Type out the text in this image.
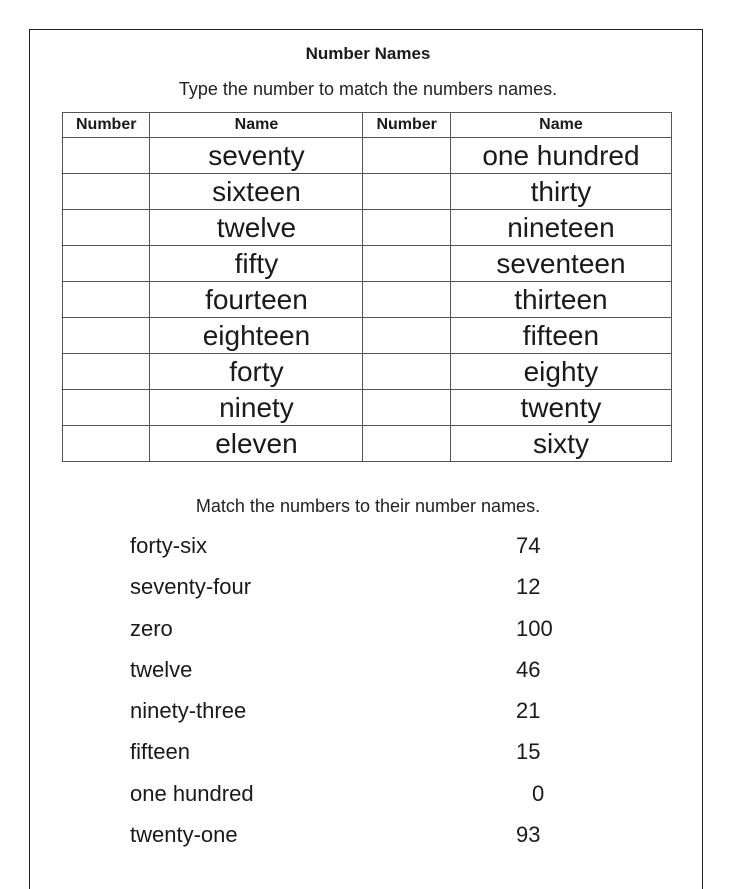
Number Names
Type the number to match the numbers names.
Number	Name	Number	Name
	seventy		one hundred
	sixteen		thirty
	twelve		nineteen
	fifty		seventeen
	fourteen		thirteen
	eighteen		fifteen
	forty		eighty
	ninety		twenty
	eleven		sixty
Match the numbers to their number names.
forty-six	74
seventy-four	12
zero	100
twelve	46
ninety-three	21
fifteen	15
one hundred	0
twenty-one	93
